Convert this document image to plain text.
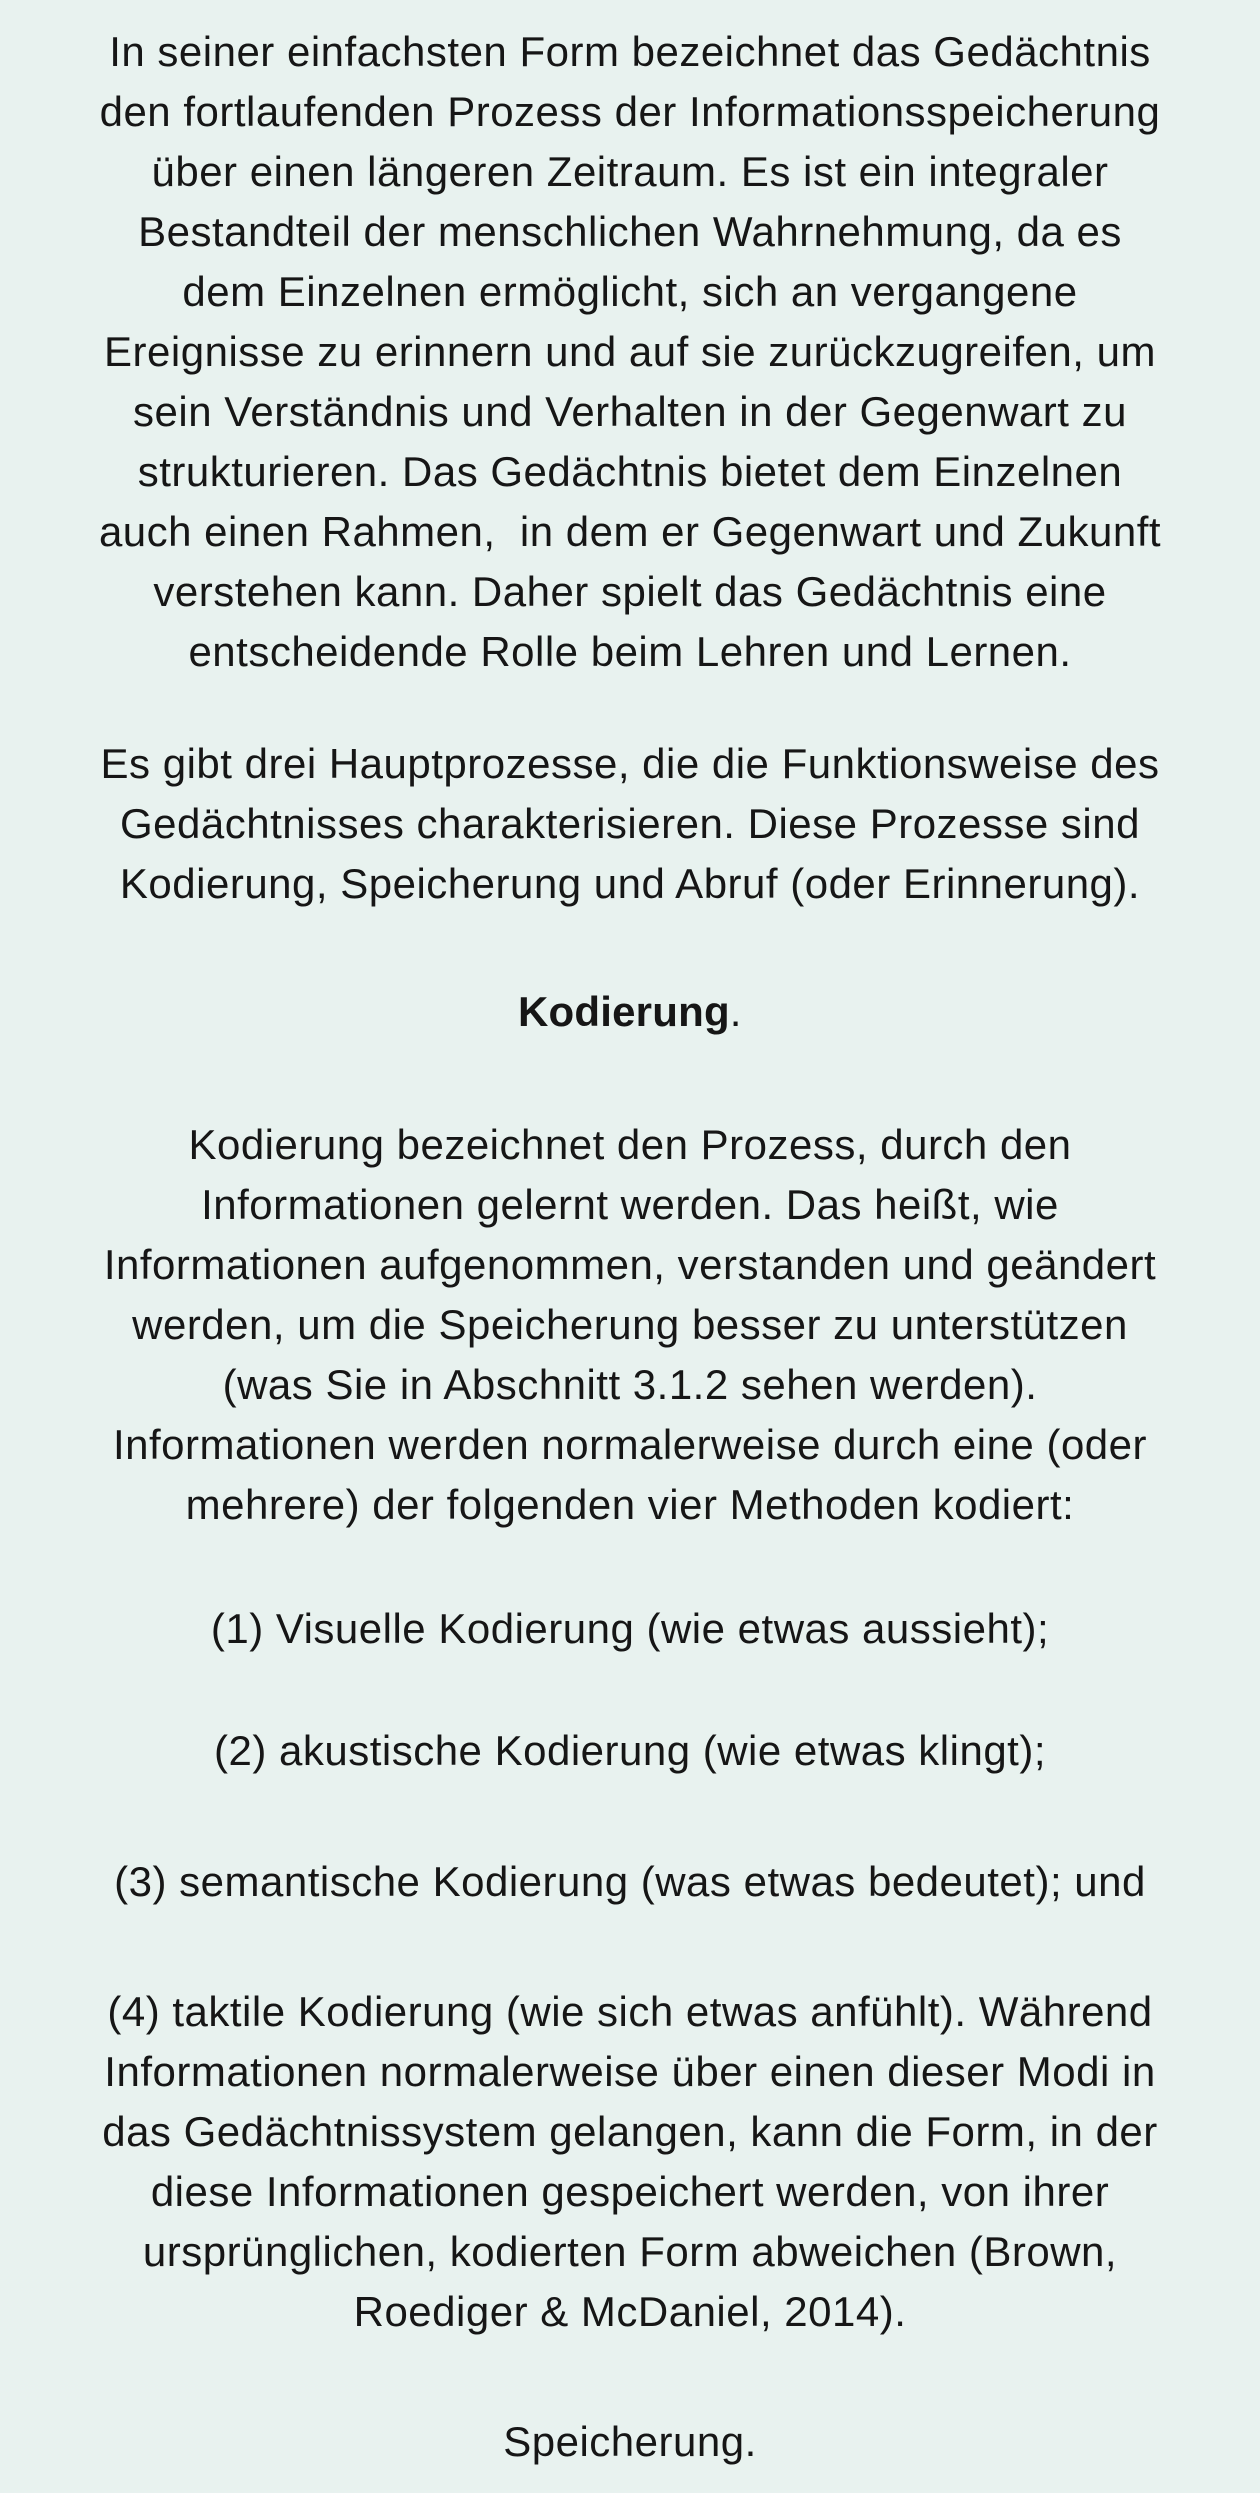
In seiner einfachsten Form bezeichnet das Gedächtnis
den fortlaufenden Prozess der Informationsspeicherung
über einen längeren Zeitraum. Es ist ein integraler
Bestandteil der menschlichen Wahrnehmung, da es
dem Einzelnen ermöglicht, sich an vergangene
Ereignisse zu erinnern und auf sie zurückzugreifen, um
sein Verständnis und Verhalten in der Gegenwart zu
strukturieren. Das Gedächtnis bietet dem Einzelnen
auch einen Rahmen,  in dem er Gegenwart und Zukunft
verstehen kann. Daher spielt das Gedächtnis eine
entscheidende Rolle beim Lehren und Lernen.
Es gibt drei Hauptprozesse, die die Funktionsweise des
Gedächtnisses charakterisieren. Diese Prozesse sind
Kodierung, Speicherung und Abruf (oder Erinnerung).
Kodierung.
Kodierung bezeichnet den Prozess, durch den
Informationen gelernt werden. Das heißt, wie
Informationen aufgenommen, verstanden und geändert
werden, um die Speicherung besser zu unterstützen
(was Sie in Abschnitt 3.1.2 sehen werden).
Informationen werden normalerweise durch eine (oder
mehrere) der folgenden vier Methoden kodiert:
(1) Visuelle Kodierung (wie etwas aussieht);
(2) akustische Kodierung (wie etwas klingt);
(3) semantische Kodierung (was etwas bedeutet); und
(4) taktile Kodierung (wie sich etwas anfühlt). Während
Informationen normalerweise über einen dieser Modi in
das Gedächtnissystem gelangen, kann die Form, in der
diese Informationen gespeichert werden, von ihrer
ursprünglichen, kodierten Form abweichen (Brown,
Roediger & McDaniel, 2014).
Speicherung.
